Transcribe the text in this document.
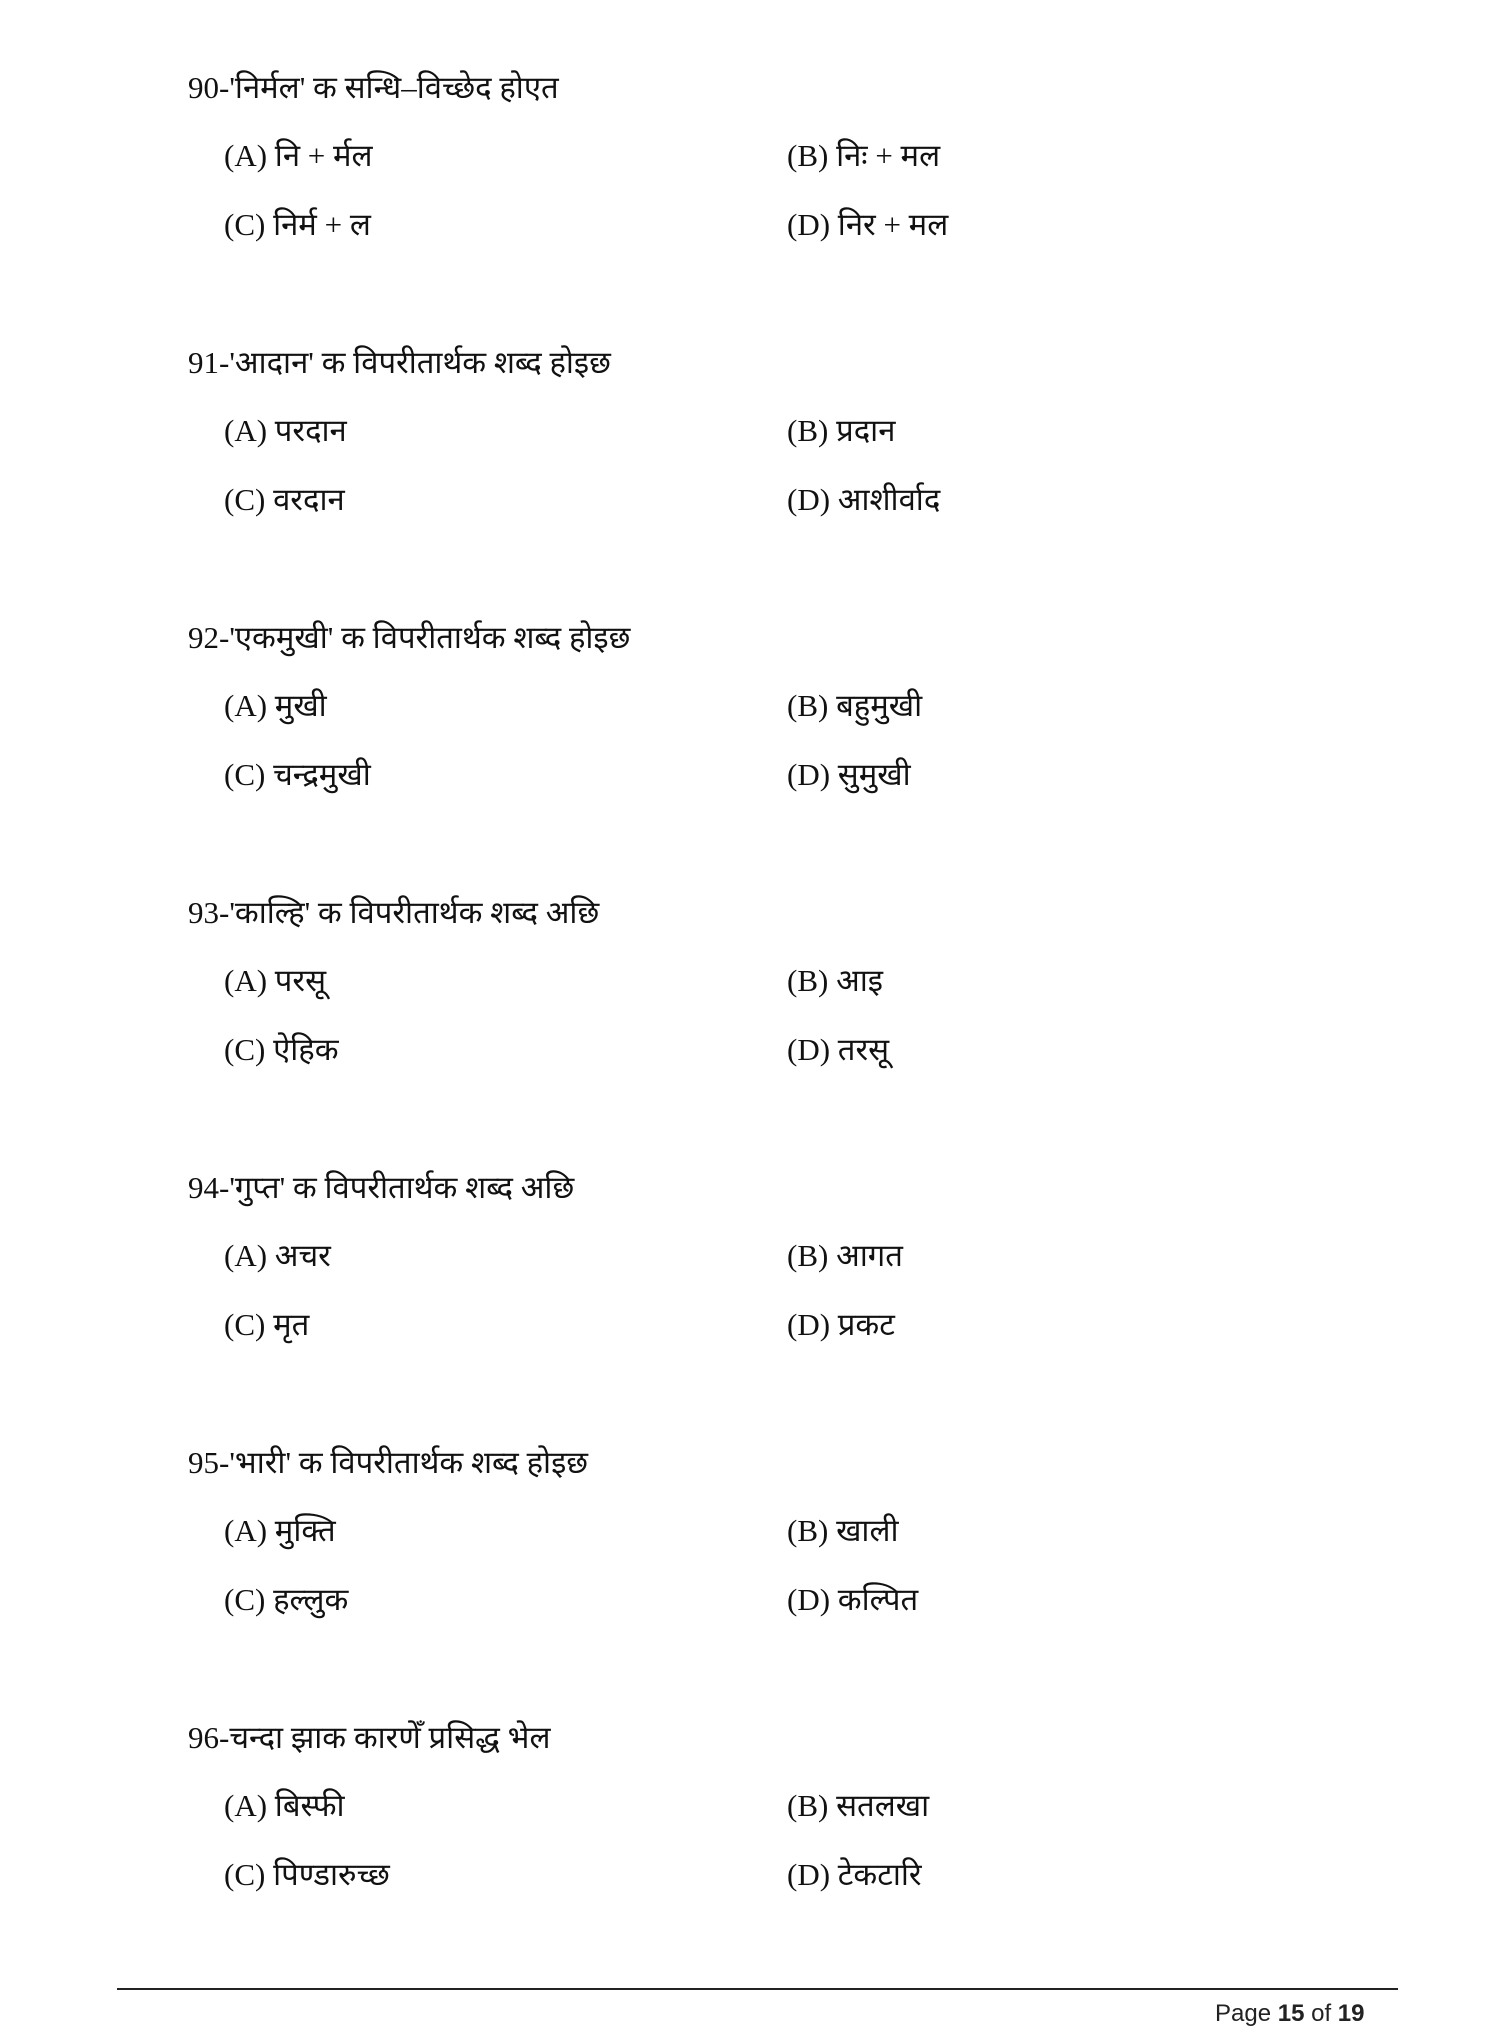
90-'निर्मल' क सन्धि–विच्छेद होएत
(A) नि + र्मल	(B) निः + मल
(C) निर्म + ल	(D) निर + मल
91-'आदान' क विपरीतार्थक शब्द होइछ
(A) परदान	(B) प्रदान
(C) वरदान	(D) आशीर्वाद
92-'एकमुखी' क विपरीतार्थक शब्द होइछ
(A) मुखी	(B) बहुमुखी
(C) चन्द्रमुखी	(D) सुमुखी
93-'काल्हि' क विपरीतार्थक शब्द अछि
(A) परसू	(B) आइ
(C) ऐहिक	(D) तरसू
94-'गुप्त' क विपरीतार्थक शब्द अछि
(A) अचर	(B) आगत
(C) मृत	(D) प्रकट
95-'भारी' क विपरीतार्थक शब्द होइछ
(A) मुक्ति	(B) खाली
(C) हल्लुक	(D) कल्पित
96-चन्दा झाक कारणेँ प्रसिद्ध भेल
(A) बिस्फी	(B) सतलखा
(C) पिण्डारुच्छ	(D) टेकटारि
Page 15 of 19
